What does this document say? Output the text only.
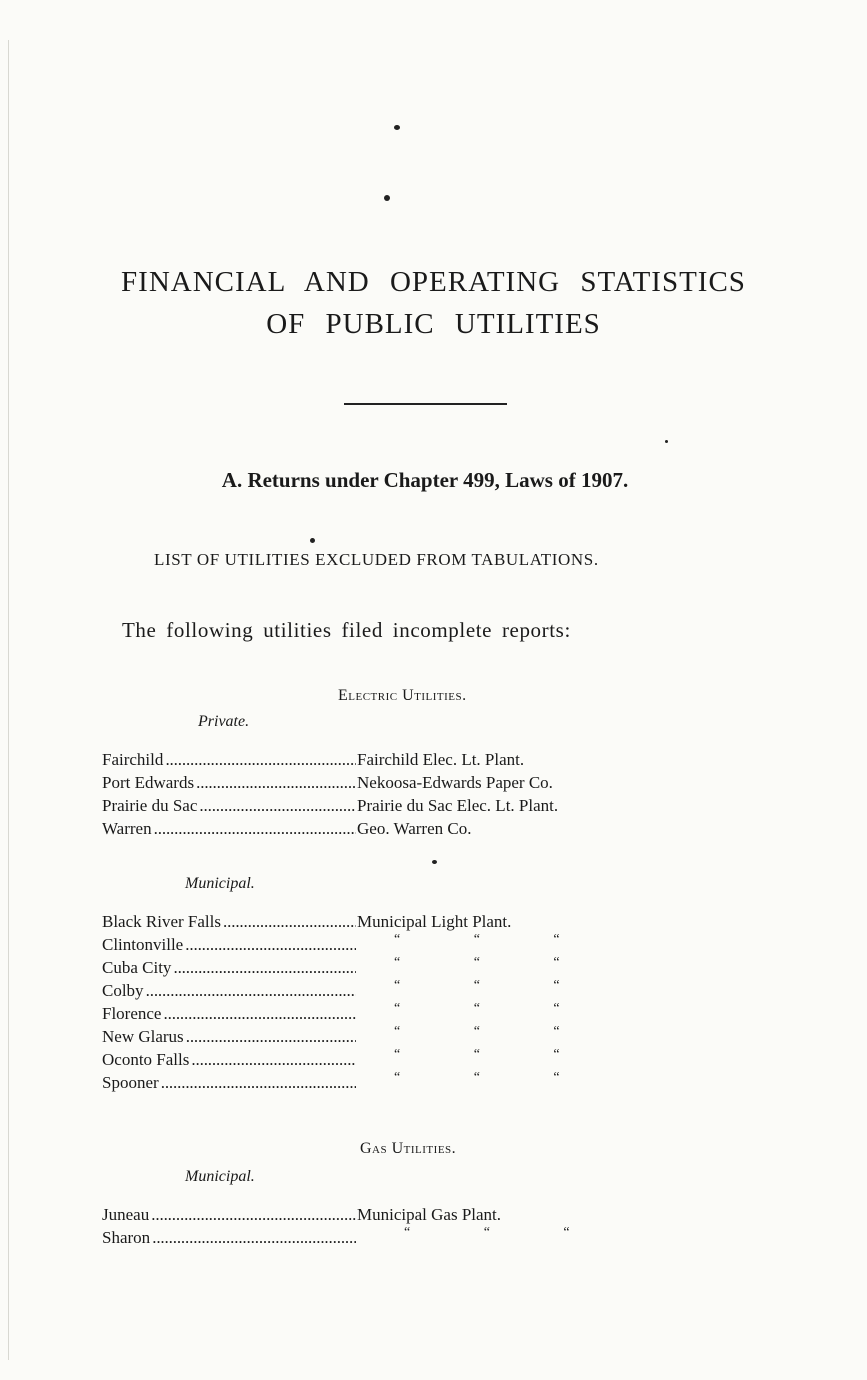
FINANCIAL AND OPERATING STATISTICS
OF PUBLIC UTILITIES
A. Returns under Chapter 499, Laws of 1907.
LIST OF UTILITIES EXCLUDED FROM TABULATIONS.

The following utilities filed incomplete reports:

Electric Utilities.
Private.
Fairchild . . .	Fairchild Elec. Lt. Plant.
Port Edwards . . .	Nekoosa-Edwards Paper Co.
Prairie du Sac . . .	Prairie du Sac Elec. Lt. Plant.
Warren . . .	Geo. Warren Co.
Municipal.
Black River Falls . . .	Municipal Light Plant.
Clintonville . . .	“ “ “
Cuba City . . .	“ “ “
Colby . . .	“ “ “
Florence . . .	“ “ “
New Glarus . . .	“ “ “
Oconto Falls . . .	“ “ “
Spooner . . .	“ “ “
Gas Utilities.
Municipal.
Juneau . . .	Municipal Gas Plant.
Sharon . . .	“ “ “
